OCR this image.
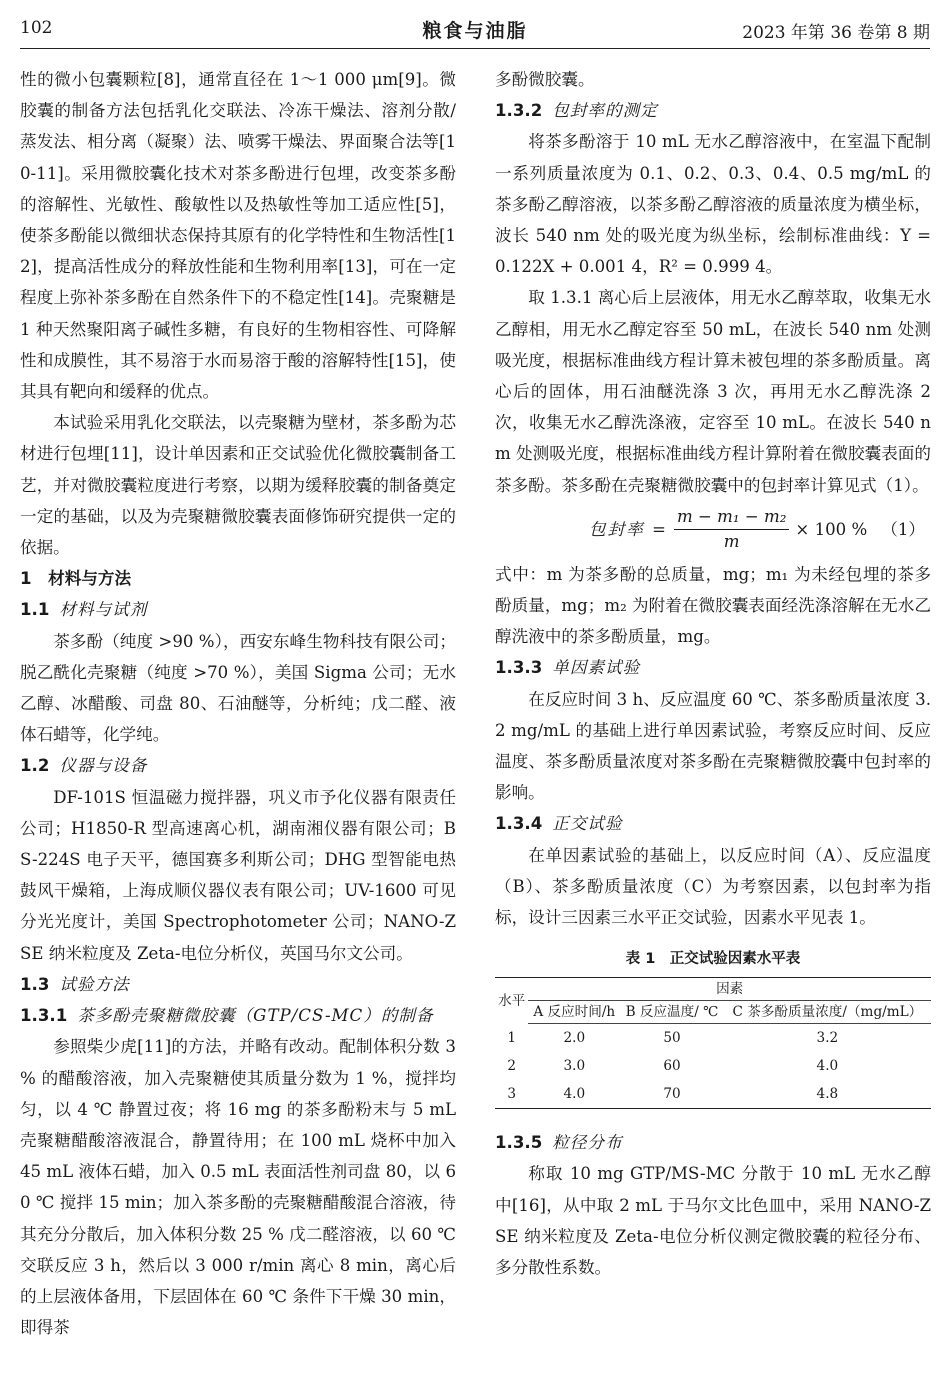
102	粮食与油脂	2023 年第 36 卷第 8 期

性的微小包囊颗粒[8]，通常直径在 1～1 000 μm[9]。微胶囊的制备方法包括乳化交联法、冷冻干燥法、溶剂分散/蒸发法、相分离（凝聚）法、喷雾干燥法、界面聚合法等[10-11]。采用微胶囊化技术对茶多酚进行包埋，改变茶多酚的溶解性、光敏性、酸敏性以及热敏性等加工适应性[5]，使茶多酚能以微细状态保持其原有的化学特性和生物活性[12]，提高活性成分的释放性能和生物利用率[13]，可在一定程度上弥补茶多酚在自然条件下的不稳定性[14]。壳聚糖是 1 种天然聚阳离子碱性多糖，有良好的生物相容性、可降解性和成膜性，其不易溶于水而易溶于酸的溶解特性[15]，使其具有靶向和缓释的优点。

本试验采用乳化交联法，以壳聚糖为壁材，茶多酚为芯材进行包埋[11]，设计单因素和正交试验优化微胶囊制备工艺，并对微胶囊粒度进行考察，以期为缓释胶囊的制备奠定一定的基础，以及为壳聚糖微胶囊表面修饰研究提供一定的依据。

1　材料与方法
1.1 材料与试剂

茶多酚（纯度 >90 %），西安东峰生物科技有限公司；脱乙酰化壳聚糖（纯度 >70 %），美国 Sigma 公司；无水乙醇、冰醋酸、司盘 80、石油醚等，分析纯；戊二醛、液体石蜡等，化学纯。

1.2 仪器与设备

DF-101S 恒温磁力搅拌器，巩义市予化仪器有限责任公司；H1850-R 型高速离心机，湖南湘仪器有限公司；BS-224S 电子天平，德国赛多利斯公司；DHG 型智能电热鼓风干燥箱，上海成顺仪器仪表有限公司；UV-1600 可见分光光度计，美国 Spectrophotometer 公司；NANO-ZSE 纳米粒度及 Zeta-电位分析仪，英国马尔文公司。

1.3 试验方法
1.3.1 茶多酚壳聚糖微胶囊（GTP/CS-MC）的制备

参照柴少虎[11]的方法，并略有改动。配制体积分数 3 % 的醋酸溶液，加入壳聚糖使其质量分数为 1 %，搅拌均匀，以 4 ℃ 静置过夜；将 16 mg 的茶多酚粉末与 5 mL 壳聚糖醋酸溶液混合，静置待用；在 100 mL 烧杯中加入 45 mL 液体石蜡，加入 0.5 mL 表面活性剂司盘 80，以 60 ℃ 搅拌 15 min；加入茶多酚的壳聚糖醋酸混合溶液，待其充分分散后，加入体积分数 25 % 戊二醛溶液，以 60 ℃ 交联反应 3 h，然后以 3 000 r/min 离心 8 min，离心后的上层液体备用，下层固体在 60 ℃ 条件下干燥 30 min，即得茶

多酚微胶囊。

1.3.2 包封率的测定

将茶多酚溶于 10 mL 无水乙醇溶液中，在室温下配制一系列质量浓度为 0.1、0.2、0.3、0.4、0.5 mg/mL 的茶多酚乙醇溶液，以茶多酚乙醇溶液的质量浓度为横坐标，波长 540 nm 处的吸光度为纵坐标，绘制标准曲线：Y = 0.122X + 0.001 4，R² = 0.999 4。

取 1.3.1 离心后上层液体，用无水乙醇萃取，收集无水乙醇相，用无水乙醇定容至 50 mL，在波长 540 nm 处测吸光度，根据标准曲线方程计算未被包埋的茶多酚质量。离心后的固体，用石油醚洗涤 3 次，再用无水乙醇洗涤 2 次，收集无水乙醇洗涤液，定容至 10 mL。在波长 540 nm 处测吸光度，根据标准曲线方程计算附着在微胶囊表面的茶多酚。茶多酚在壳聚糖微胶囊中的包封率计算见式（1）。

包封率 = $\frac{\text{m − m₁ − m₂}}{m} \times 100$ % （1）

式中：m 为茶多酚的总质量，mg；m₁ 为未经包埋的茶多酚质量，mg；m₂ 为附着在微胶囊表面经洗涤溶解在无水乙醇洗液中的茶多酚质量，mg。

1.3.3 单因素试验

在反应时间 3 h、反应温度 60 ℃、茶多酚质量浓度 3.2 mg/mL 的基础上进行单因素试验，考察反应时间、反应温度、茶多酚质量浓度对茶多酚在壳聚糖微胶囊中包封率的影响。

1.3.4 正交试验

在单因素试验的基础上，以反应时间（A）、反应温度（B）、茶多酚质量浓度（C）为考察因素，以包封率为指标，设计三因素三水平正交试验，因素水平见表 1。

表 1　正交试验因素水平表
水平	因素		
	A 反应时间/h	B 反应温度/ ℃	C 茶多酚质量浓度/（mg/mL）
1	2.0	50	3.2
2	3.0	60	4.0
3	4.0	70	4.8
1.3.5 粒径分布

称取 10 mg GTP/MS-MC 分散于 10 mL 无水乙醇中[16]，从中取 2 mL 于马尔文比色皿中，采用 NANO-ZSE 纳米粒度及 Zeta-电位分析仪测定微胶囊的粒径分布、多分散性系数。
